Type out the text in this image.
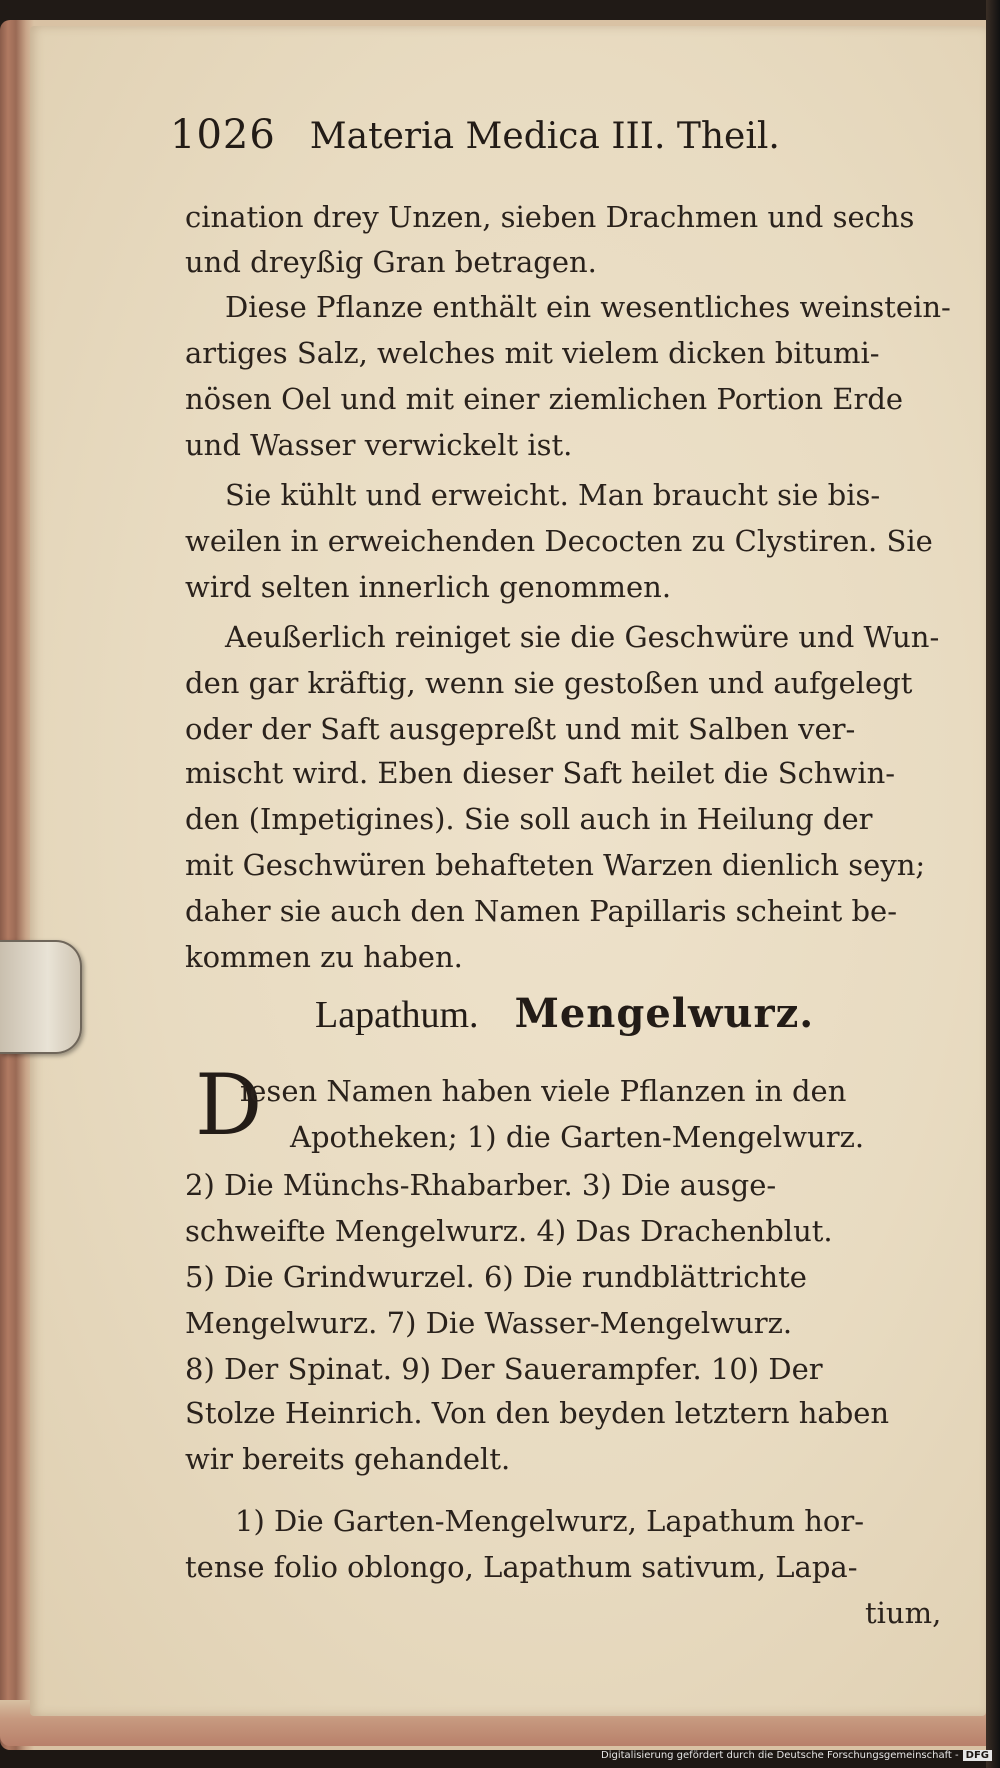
1026 Materia Medica III. Theil.
cination drey Unzen, sieben Drachmen und sechs
und dreyßig Gran betragen.
Diese Pflanze enthält ein wesentliches weinstein-
artiges Salz, welches mit vielem dicken bitumi-
nösen Oel und mit einer ziemlichen Portion Erde
und Wasser verwickelt ist.
Sie kühlt und erweicht. Man braucht sie bis-
weilen in erweichenden Decocten zu Clystiren. Sie
wird selten innerlich genommen.
Aeußerlich reiniget sie die Geschwüre und Wun-
den gar kräftig, wenn sie gestoßen und aufgelegt
oder der Saft ausgepreßt und mit Salben ver-
mischt wird. Eben dieser Saft heilet die Schwin-
den (Impetigines). Sie soll auch in Heilung der
mit Geschwüren behafteten Warzen dienlich seyn;
daher sie auch den Namen Papillaris scheint be-
kommen zu haben.
Lapathum. Mengelwurz.
D
iesen Namen haben viele Pflanzen in den
Apotheken; 1) die Garten-Mengelwurz.
2) Die Münchs-Rhabarber. 3) Die ausge-
schweifte Mengelwurz. 4) Das Drachenblut.
5) Die Grindwurzel. 6) Die rundblättrichte
Mengelwurz. 7) Die Wasser-Mengelwurz.
8) Der Spinat. 9) Der Sauerampfer. 10) Der
Stolze Heinrich. Von den beyden letztern haben
wir bereits gehandelt.
1) Die Garten-Mengelwurz, Lapathum hor-
tense folio oblongo, Lapathum sativum, Lapa-
tium,
Digitalisierung gefördert durch die Deutsche Forschungsgemeinschaft - DFG
